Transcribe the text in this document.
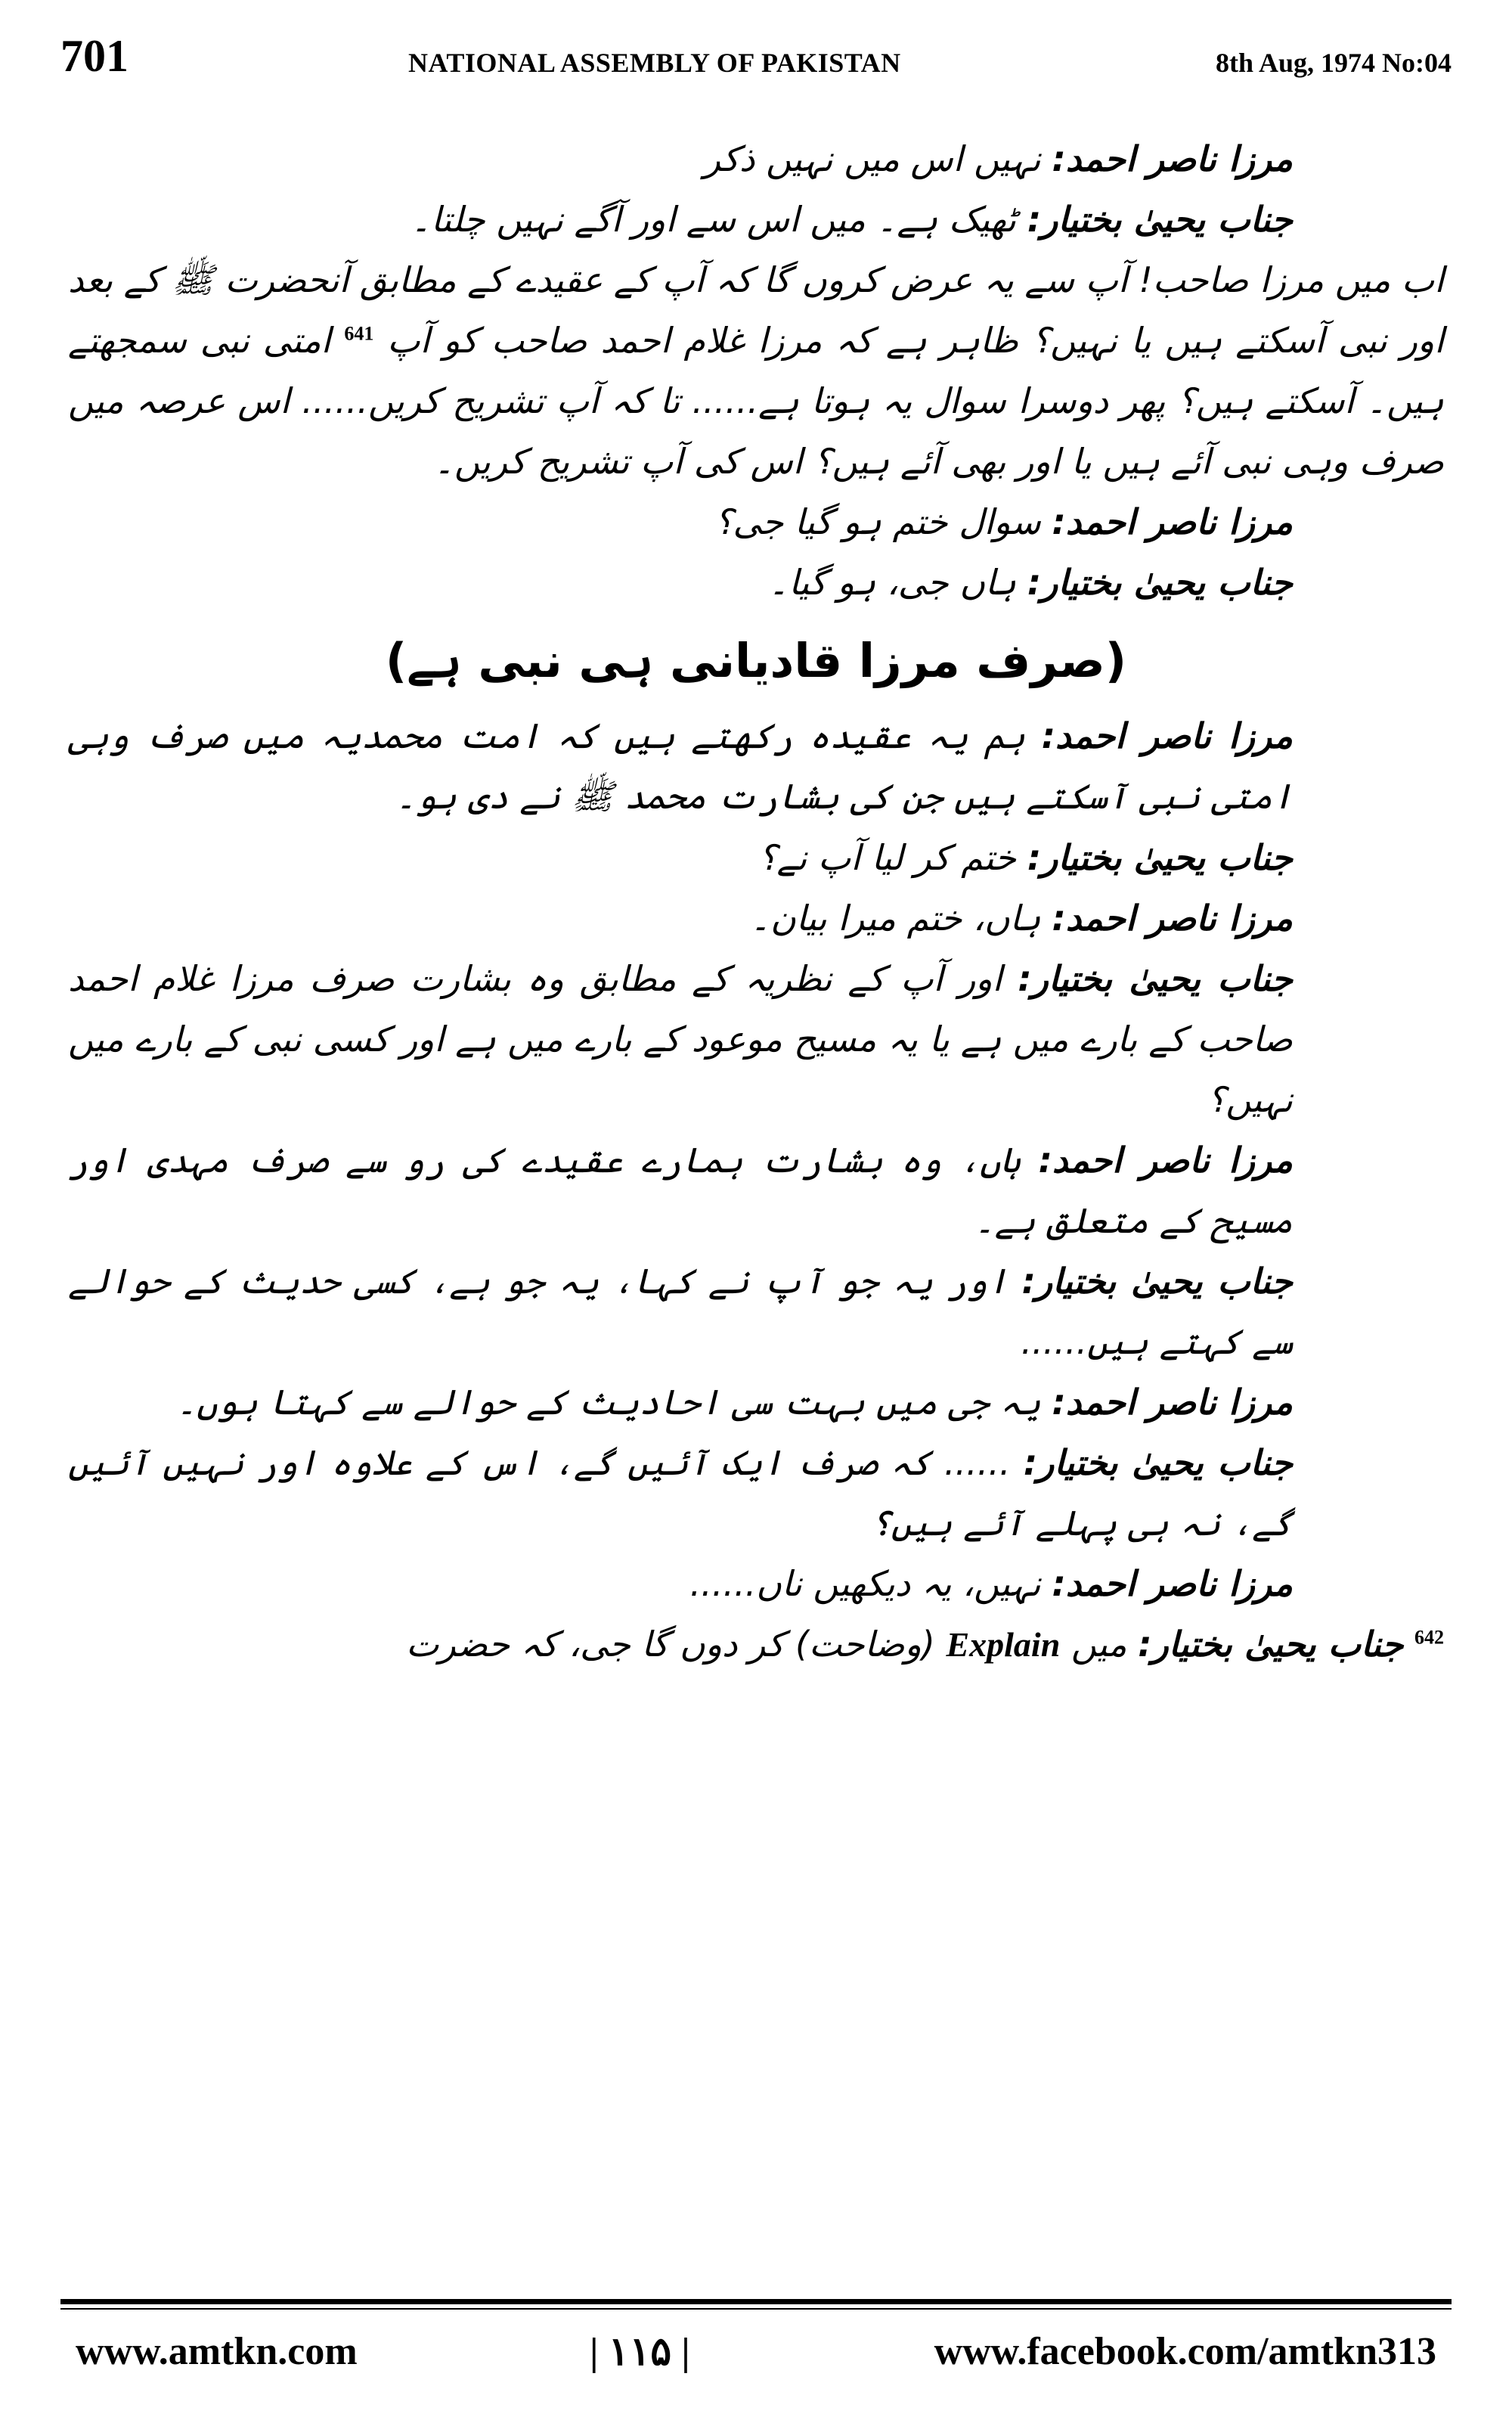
701	NATIONAL ASSEMBLY OF PAKISTAN	8th Aug, 1974 No:04

مرزا ناصر احمد: نہیں اس میں نہیں ذکر

جناب یحییٰ بختیار: ٹھیک ہے۔ میں اس سے اور آگے نہیں چلتا۔

اب میں مرزا صاحب! آپ سے یہ عرض کروں گا کہ آپ کے عقیدے کے مطابق آنحضرت ﷺ کے بعد اور نبی آسکتے ہیں یا نہیں؟ ظاہر ہے کہ مرزا غلام احمد صاحب کو آپ $^{641}$ امتی نبی سمجھتے ہیں۔ آسکتے ہیں؟ پھر دوسرا سوال یہ ہوتا ہے...... تا کہ آپ تشریح کریں...... اس عرصہ میں صرف وہی نبی آئے ہیں یا اور بھی آئے ہیں؟ اس کی آپ تشریح کریں۔

مرزا ناصر احمد: سوال ختم ہو گیا جی؟

جناب یحییٰ بختیار: ہاں جی، ہو گیا۔

(صرف مرزا قادیانی ہی نبی ہے)

مرزا ناصر احمد: ہم یہ عقیدہ رکھتے ہیں کہ امت محمدیہ میں صرف وہی امتی نبی آسکتے ہیں جن کی بشارت محمد ﷺ نے دی ہو۔

جناب یحییٰ بختیار: ختم کر لیا آپ نے؟

مرزا ناصر احمد: ہاں، ختم میرا بیان۔

جناب یحییٰ بختیار: اور آپ کے نظریہ کے مطابق وہ بشارت صرف مرزا غلام احمد صاحب کے بارے میں ہے یا یہ مسیح موعود کے بارے میں ہے اور کسی نبی کے بارے میں نہیں؟

مرزا ناصر احمد: ہاں، وہ بشارت ہمارے عقیدے کی رو سے صرف مہدی اور مسیح کے متعلق ہے۔

جناب یحییٰ بختیار: اور یہ جو آپ نے کہا، یہ جو ہے، کسی حدیث کے حوالے سے کہتے ہیں......

مرزا ناصر احمد: یہ جی میں بہت سی احادیث کے حوالے سے کہتا ہوں۔

جناب یحییٰ بختیار: ...... کہ صرف ایک آئیں گے، اس کے علاوہ اور نہیں آئیں گے، نہ ہی پہلے آئے ہیں؟

مرزا ناصر احمد: نہیں، یہ دیکھیں ناں......

$^{642}$ جناب یحییٰ بختیار: میں Explain (وضاحت) کر دوں گا جی، کہ حضرت

www.amtkn.com	| ۱۱۵ |	www.facebook.com/amtkn313
